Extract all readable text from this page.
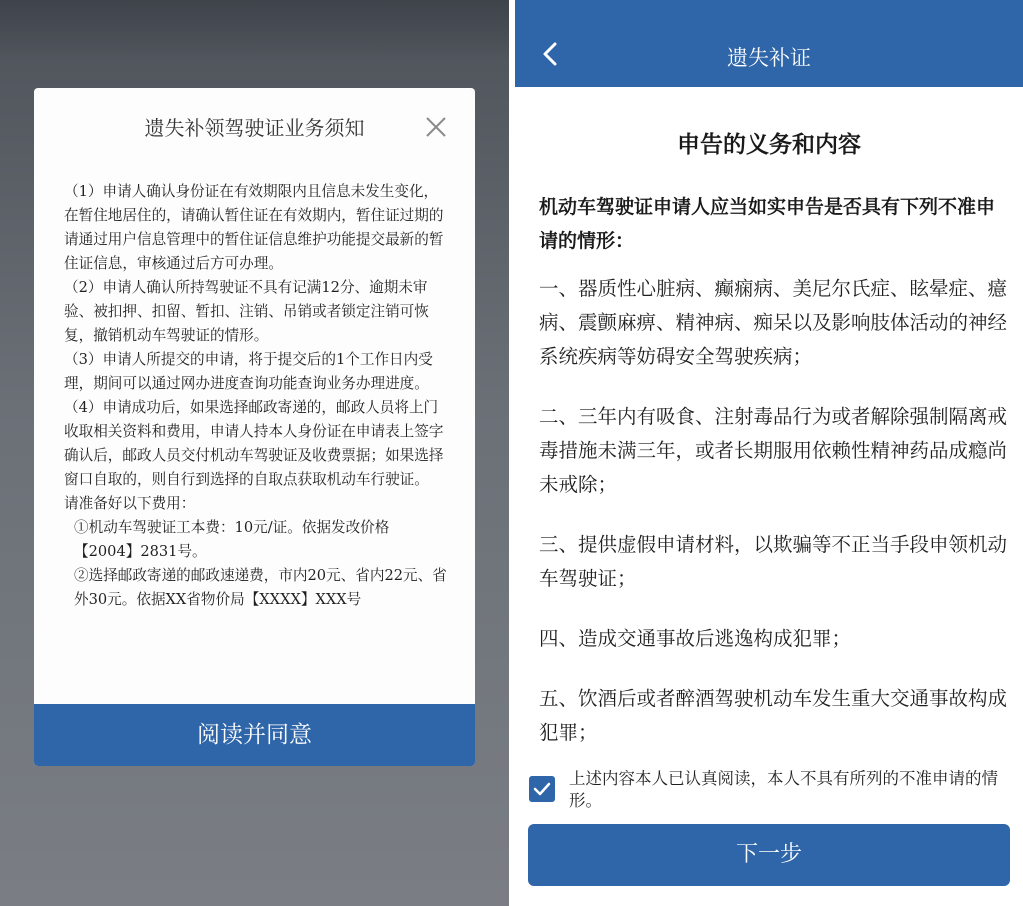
遗失补领驾驶证业务须知

（1）申请人确认身份证在有效期限内且信息未发生变化，在暂住地居住的，请确认暂住证在有效期内，暂住证过期的请通过用户信息管理中的暂住证信息维护功能提交最新的暂住证信息，审核通过后方可办理。

（2）申请人确认所持驾驶证不具有记满12分、逾期未审验、被扣押、扣留、暂扣、注销、吊销或者锁定注销可恢复，撤销机动车驾驶证的情形。

（3）申请人所提交的申请，将于提交后的1个工作日内受理，期间可以通过网办进度查询功能查询业务办理进度。

（4）申请成功后，如果选择邮政寄递的，邮政人员将上门收取相关资料和费用，申请人持本人身份证在申请表上签字确认后，邮政人员交付机动车驾驶证及收费票据；如果选择窗口自取的，则自行到选择的自取点获取机动车行驶证。

请准备好以下费用：

①机动车驾驶证工本费：10元/证。依据发改价格【2004】2831号。

②选择邮政寄递的邮政速递费，市内20元、省内22元、省外30元。依据XX省物价局【XXXX】XXX号

阅读并同意
遗失补证
申告的义务和内容
机动车驾驶证申请人应当如实申告是否具有下列不准申请的情形：

一、器质性心脏病、癫痫病、美尼尔氏症、眩晕症、癔病、震颤麻痹、精神病、痴呆以及影响肢体活动的神经系统疾病等妨碍安全驾驶疾病；

二、三年内有吸食、注射毒品行为或者解除强制隔离戒毒措施未满三年，或者长期服用依赖性精神药品成瘾尚未戒除；

三、提供虚假申请材料，以欺骗等不正当手段申领机动车驾驶证；

四、造成交通事故后逃逸构成犯罪；

五、饮酒后或者醉酒驾驶机动车发生重大交通事故构成犯罪；

上述内容本人已认真阅读，本人不具有所列的不准申请的情形。
下一步
